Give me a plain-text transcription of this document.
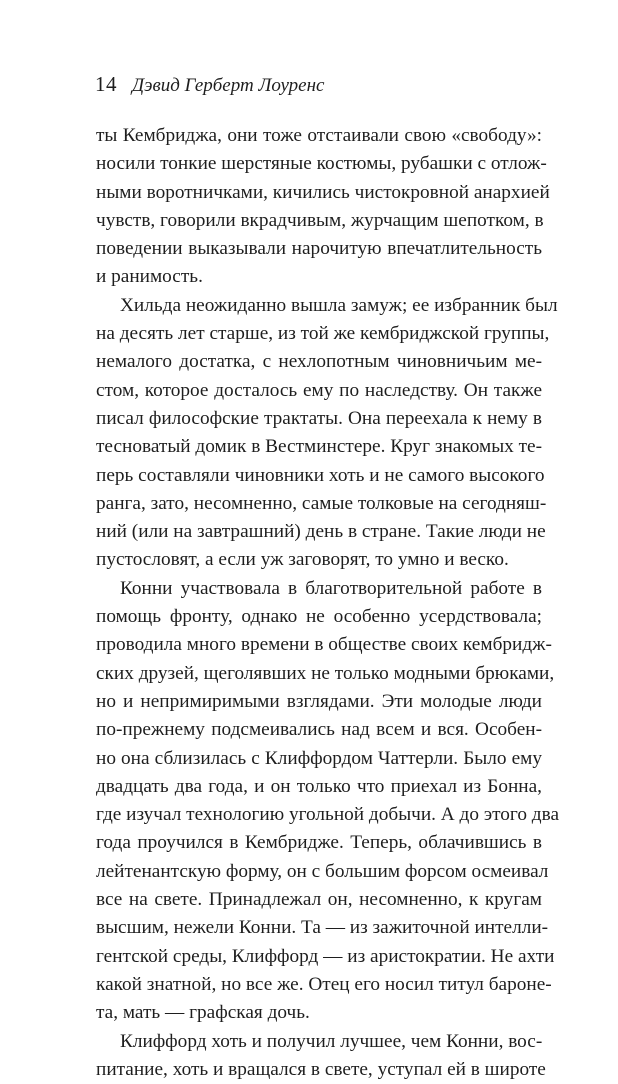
14 Дэвид Герберт Лоуренс
ты Кембриджа, они тоже отстаивали свою «свободу»:
носили тонкие шерстяные костюмы, рубашки с отлож-
ными воротничками, кичились чистокровной анархией
чувств, говорили вкрадчивым, журчащим шепотком, в
поведении выказывали нарочитую впечатлительность
и ранимость.
Хильда неожиданно вышла замуж; ее избранник был
на десять лет старше, из той же кембриджской группы,
немалого достатка, с нехлопотным чиновничьим ме-
стом, которое досталось ему по наследству. Он также
писал философские трактаты. Она переехала к нему в
тесноватый домик в Вестминстере. Круг знакомых те-
перь составляли чиновники хоть и не самого высокого
ранга, зато, несомненно, самые толковые на сегодняш-
ний (или на завтрашний) день в стране. Такие люди не
пустословят, а если уж заговорят, то умно и веско.
Конни участвовала в благотворительной работе в
помощь фронту, однако не особенно усердствовала;
проводила много времени в обществе своих кембридж-
ских друзей, щеголявших не только модными брюками,
но и непримиримыми взглядами. Эти молодые люди
по-прежнему подсмеивались над всем и вся. Особен-
но она сблизилась с Клиффордом Чаттерли. Было ему
двадцать два года, и он только что приехал из Бонна,
где изучал технологию угольной добычи. А до этого два
года проучился в Кембридже. Теперь, облачившись в
лейтенантскую форму, он с большим форсом осмеивал
все на свете. Принадлежал он, несомненно, к кругам
высшим, нежели Конни. Та — из зажиточной интелли-
гентской среды, Клиффорд — из аристократии. Не ахти
какой знатной, но все же. Отец его носил титул бароне-
та, мать — графская дочь.
Клиффорд хоть и получил лучшее, чем Конни, вос-
питание, хоть и вращался в свете, уступал ей в широте
